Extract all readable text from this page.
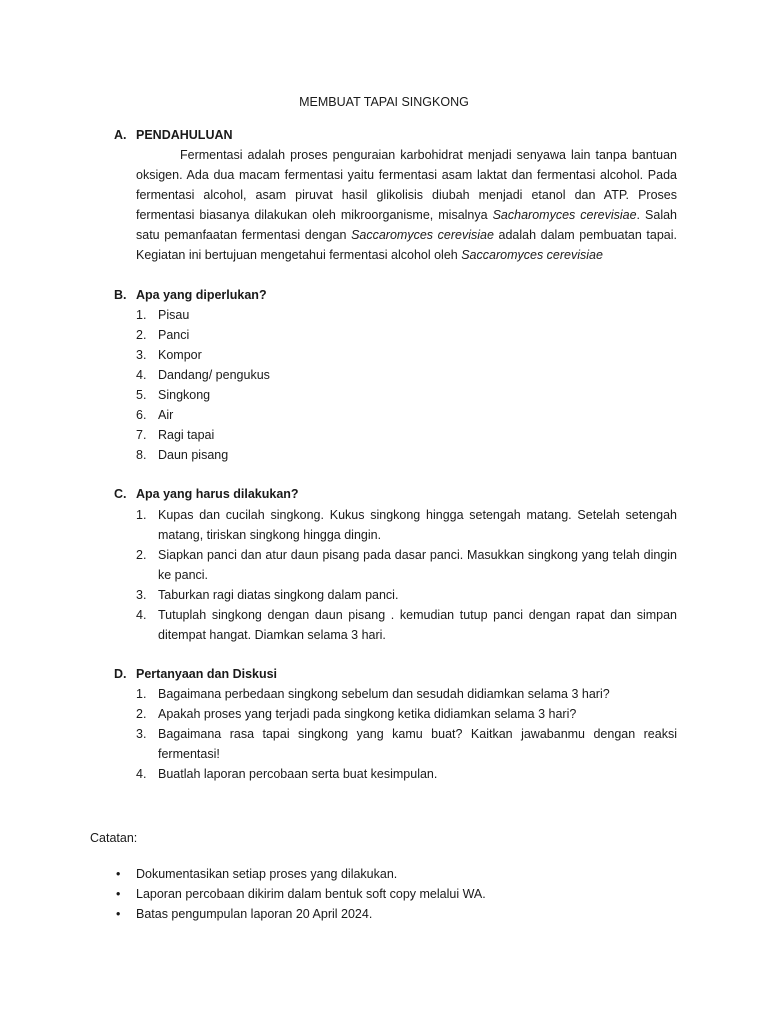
MEMBUAT TAPAI SINGKONG
A. PENDAHULUAN
Fermentasi adalah proses penguraian karbohidrat menjadi senyawa lain tanpa bantuan oksigen. Ada dua macam fermentasi yaitu fermentasi asam laktat dan fermentasi alcohol. Pada fermentasi alcohol, asam piruvat hasil glikolisis diubah menjadi etanol dan ATP. Proses fermentasi biasanya dilakukan oleh mikroorganisme, misalnya Sacharomyces cerevisiae. Salah satu pemanfaatan fermentasi dengan Saccaromyces cerevisiae adalah dalam pembuatan tapai. Kegiatan ini bertujuan mengetahui fermentasi alcohol oleh Saccaromyces cerevisiae
B. Apa yang diperlukan?
1. Pisau
2. Panci
3. Kompor
4. Dandang/ pengukus
5. Singkong
6. Air
7. Ragi tapai
8. Daun pisang
C. Apa yang harus dilakukan?
1. Kupas dan cucilah singkong. Kukus singkong hingga setengah matang. Setelah setengah matang, tiriskan singkong hingga dingin.
2. Siapkan panci dan atur daun pisang pada dasar panci. Masukkan singkong yang telah dingin ke panci.
3. Taburkan ragi diatas singkong dalam panci.
4. Tutuplah singkong dengan daun pisang . kemudian tutup panci dengan rapat dan simpan ditempat hangat. Diamkan selama 3 hari.
D. Pertanyaan dan Diskusi
1. Bagaimana perbedaan singkong sebelum dan sesudah didiamkan selama 3 hari?
2. Apakah proses yang terjadi pada singkong ketika didiamkan selama 3 hari?
3. Bagaimana rasa tapai singkong yang kamu buat? Kaitkan jawabanmu dengan reaksi fermentasi!
4. Buatlah laporan percobaan serta buat kesimpulan.
Catatan:
• Dokumentasikan setiap proses yang dilakukan.
• Laporan percobaan dikirim dalam bentuk soft copy melalui WA.
• Batas pengumpulan laporan 20 April 2024.
